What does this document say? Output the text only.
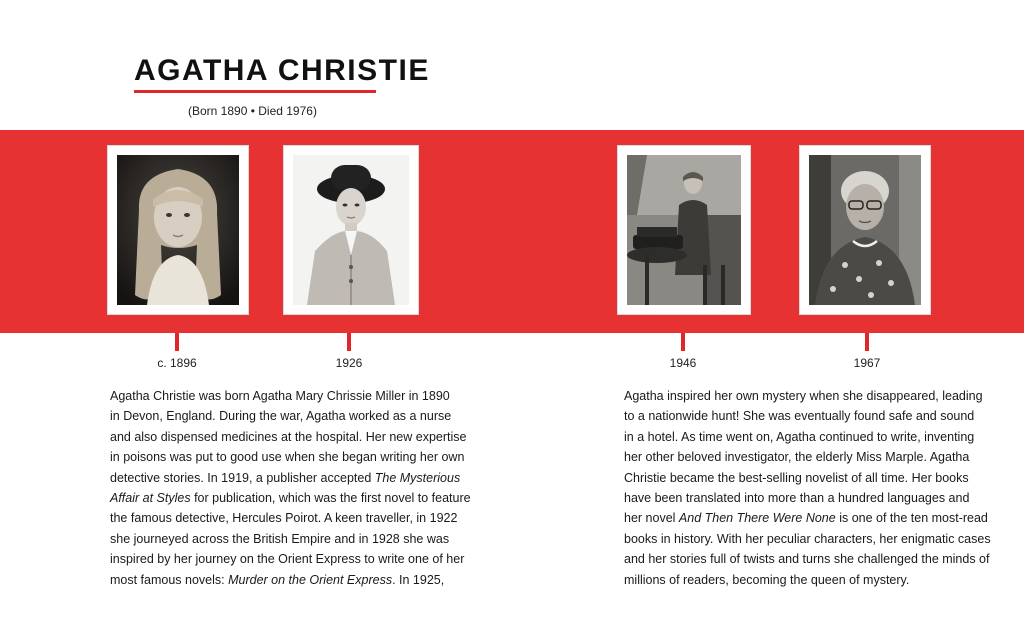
AGATHA CHRISTIE
(Born 1890 • Died 1976)
c. 1896	1926	1946	1967

Agatha Christie was born Agatha Mary Chrissie Miller in 1890
in Devon, England. During the war, Agatha worked as a nurse
and also dispensed medicines at the hospital. Her new expertise
in poisons was put to good use when she began writing her own
detective stories. In 1919, a publisher accepted The Mysterious
Affair at Styles for publication, which was the first novel to feature
the famous detective, Hercules Poirot. A keen traveller, in 1922
she journeyed across the British Empire and in 1928 she was
inspired by her journey on the Orient Express to write one of her
most famous novels: Murder on the Orient Express. In 1925,

Agatha inspired her own mystery when she disappeared, leading
to a nationwide hunt! She was eventually found safe and sound
in a hotel. As time went on, Agatha continued to write, inventing
her other beloved investigator, the elderly Miss Marple. Agatha
Christie became the best-selling novelist of all time. Her books
have been translated into more than a hundred languages and
her novel And Then There Were None is one of the ten most-read
books in history. With her peculiar characters, her enigmatic cases
and her stories full of twists and turns she challenged the minds of
millions of readers, becoming the queen of mystery.
